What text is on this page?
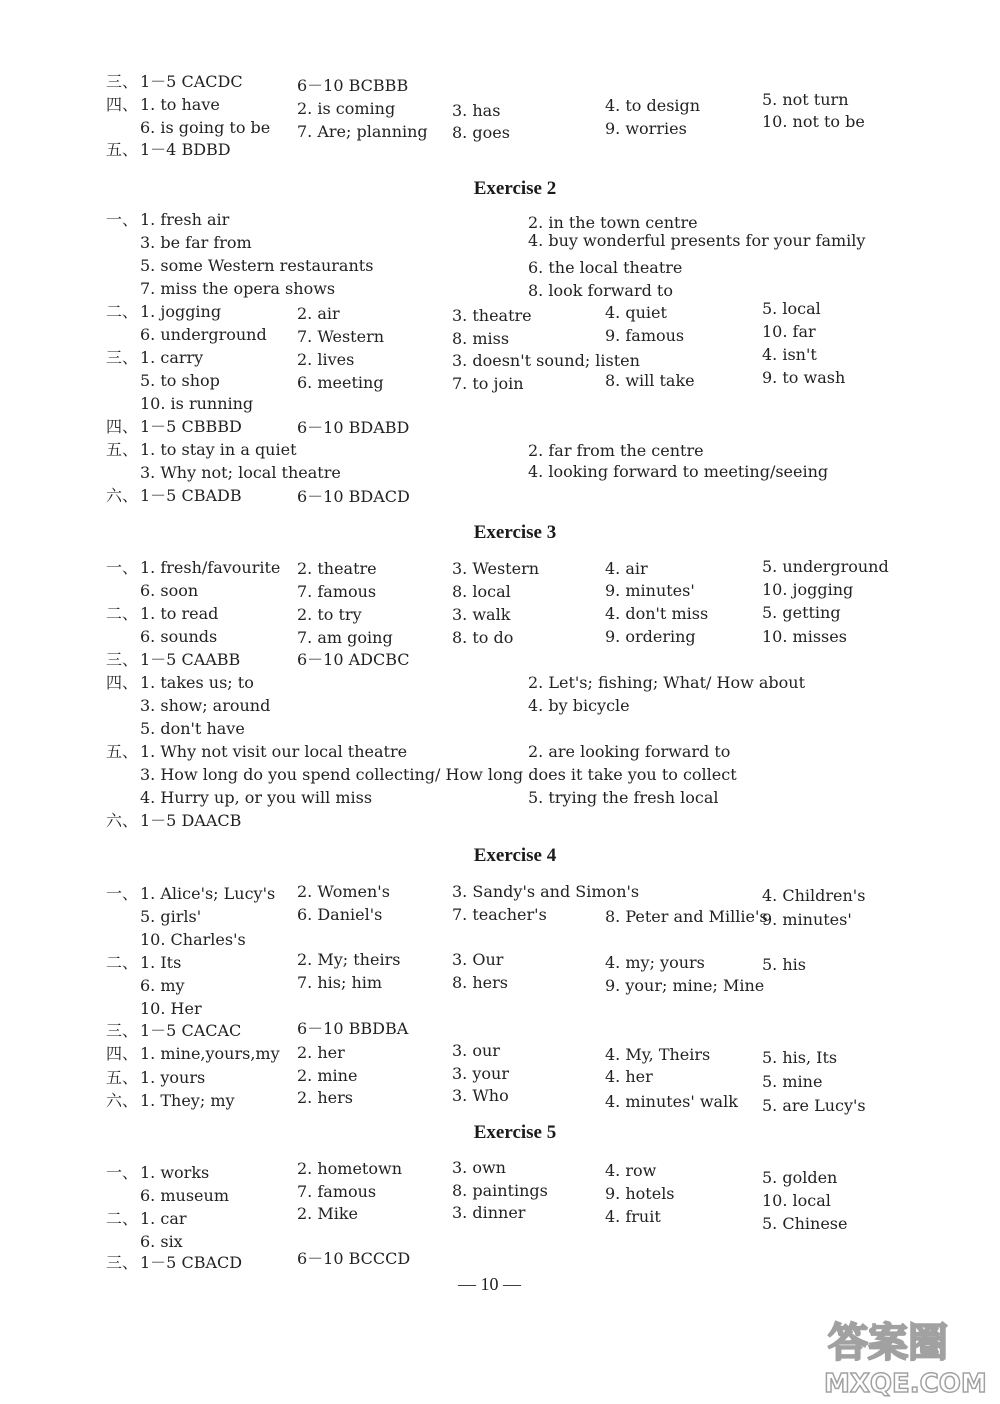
三、 1－5 CACDC	6－10 BCBBB
四、 1. to have	2. is coming	3. has	4. to design	5. not turn
6. is going to be 7. Are; planning 8. goes	9. worries	10. not to be
五、 1－4 BDBD
Exercise 2
一、 1. fresh air	2. in the town centre
3. be far from	4. buy wonderful presents for your family
5. some Western restaurants	6. the local theatre
7. miss the opera shows	8. look forward to
二、 1. jogging	2. air	3. theatre	4. quiet	5. local
6. underground 7. Western	8. miss	9. famous	10. far
三、 1. carry	2. lives	3. doesn't sound; listen	4. isn't
5. to shop	6. meeting	7. to join	8. will take	9. to wash
10. is running
四、 1－5 CBBBD	6－10 BDABD
五、 1. to stay in a quiet	2. far from the centre
3. Why not; local theatre	4. looking forward to meeting/seeing
六、 1－5 CBADB	6－10 BDACD
Exercise 3
一、 1. fresh/favourite 2. theatre	3. Western	4. air	5. underground
6. soon	7. famous	8. local	9. minutes'	10. jogging
二、 1. to read	2. to try	3. walk	4. don't miss	5. getting
6. sounds	7. am going	8. to do	9. ordering	10. misses
三、 1－5 CAABB	6－10 ADCBC
四、 1. takes us; to	2. Let's; fishing; What/ How about
3. show; around	4. by bicycle
5. don't have
五、 1. Why not visit our local theatre	2. are looking forward to
3. How long do you spend collecting/ How long does it take you to collect
4. Hurry up, or you will miss	5. trying the fresh local
六、 1－5 DAACB
Exercise 4
一、 1. Alice's; Lucy's 2. Women's	3. Sandy's and Simon's	4. Children's
5. girls'	6. Daniel's	7. teacher's	8. Peter and Millie's
9. minutes'
10. Charles's
二、 1. Its	2. My; theirs	3. Our	4. my; yours	5. his
6. my	7. his; him	8. hers	9. your; mine; Mine
10. Her
三、 1－5 CACAC	6－10 BBDBA
四、 1. mine,yours,my 2. her	3. our	4. My, Theirs	5. his, Its
五、 1. yours	2. mine	3. your	4. her	5. mine
六、 1. They; my	2. hers	3. Who	4. minutes' walk 5. are Lucy's
Exercise 5
一、 1. works	2. hometown	3. own	4. row	5. golden
6. museum	7. famous	8. paintings	9. hotels	10. local
二、 1. car	2. Mike	3. dinner	4. fruit	5. Chinese
6. six
三、 1－5 CBACD	6－10 BCCCD
— 10 —
答案圈
MXQE.COM
